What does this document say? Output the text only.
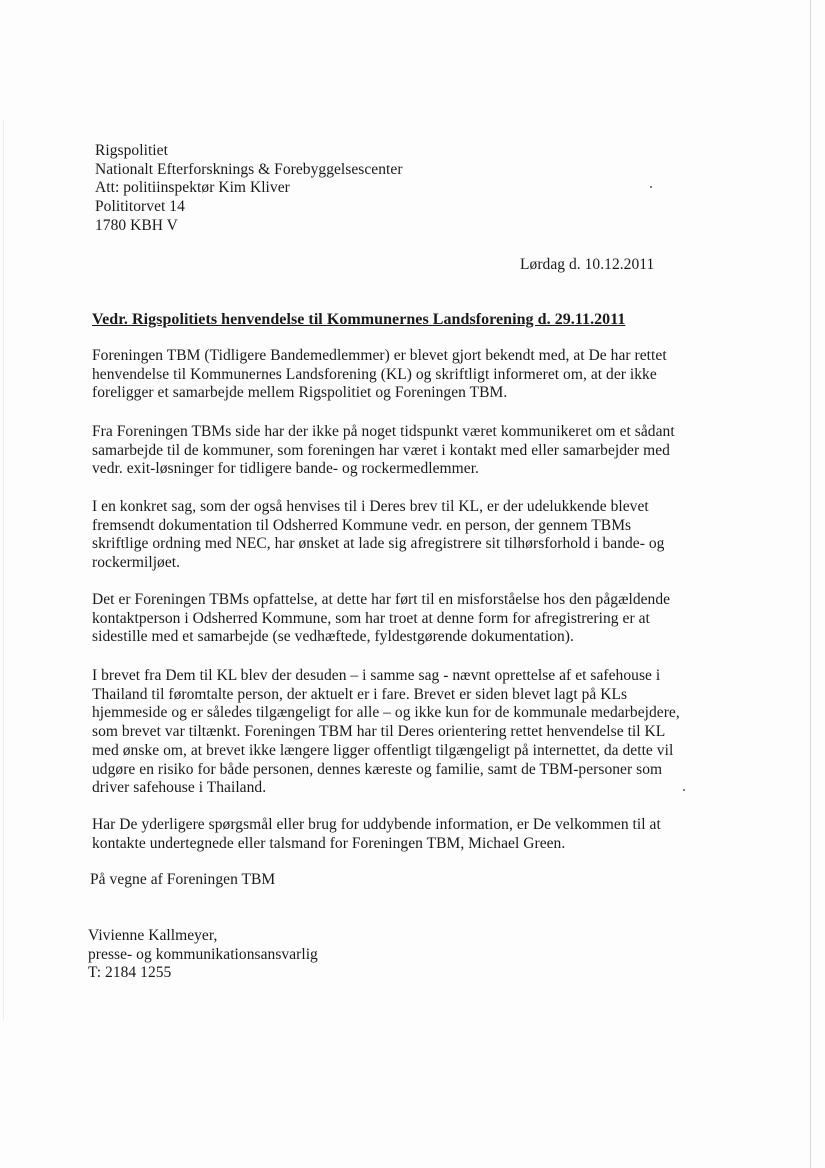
Rigspolitiet
Nationalt Efterforsknings & Forebyggelsescenter
Att: politiinspektør Kim Kliver
Polititorvet 14
1780 KBH V
Lørdag d. 10.12.2011
Vedr. Rigspolitiets henvendelse til Kommunernes Landsforening d. 29.11.2011
Foreningen TBM (Tidligere Bandemedlemmer) er blevet gjort bekendt med, at De har rettet
henvendelse til Kommunernes Landsforening (KL) og skriftligt informeret om, at der ikke
foreligger et samarbejde mellem Rigspolitiet og Foreningen TBM.
Fra Foreningen TBMs side har der ikke på noget tidspunkt været kommunikeret om et sådant
samarbejde til de kommuner, som foreningen har været i kontakt med eller samarbejder med
vedr. exit-løsninger for tidligere bande- og rockermedlemmer.
I en konkret sag, som der også henvises til i Deres brev til KL, er der udelukkende blevet
fremsendt dokumentation til Odsherred Kommune vedr. en person, der gennem TBMs
skriftlige ordning med NEC, har ønsket at lade sig afregistrere sit tilhørsforhold i bande- og
rockermiljøet.
Det er Foreningen TBMs opfattelse, at dette har ført til en misforståelse hos den pågældende
kontaktperson i Odsherred Kommune, som har troet at denne form for afregistrering er at
sidestille med et samarbejde (se vedhæftede, fyldestgørende dokumentation).
I brevet fra Dem til KL blev der desuden – i samme sag - nævnt oprettelse af et safehouse i
Thailand til føromtalte person, der aktuelt er i fare. Brevet er siden blevet lagt på KLs
hjemmeside og er således tilgængeligt for alle – og ikke kun for de kommunale medarbejdere,
som brevet var tiltænkt. Foreningen TBM har til Deres orientering rettet henvendelse til KL
med ønske om, at brevet ikke længere ligger offentligt tilgængeligt på internettet, da dette vil
udgøre en risiko for både personen, dennes kæreste og familie, samt de TBM-personer som
driver safehouse i Thailand.
Har De yderligere spørgsmål eller brug for uddybende information, er De velkommen til at
kontakte undertegnede eller talsmand for Foreningen TBM, Michael Green.
På vegne af Foreningen TBM
Vivienne Kallmeyer,
presse- og kommunikationsansvarlig
T: 2184 1255
